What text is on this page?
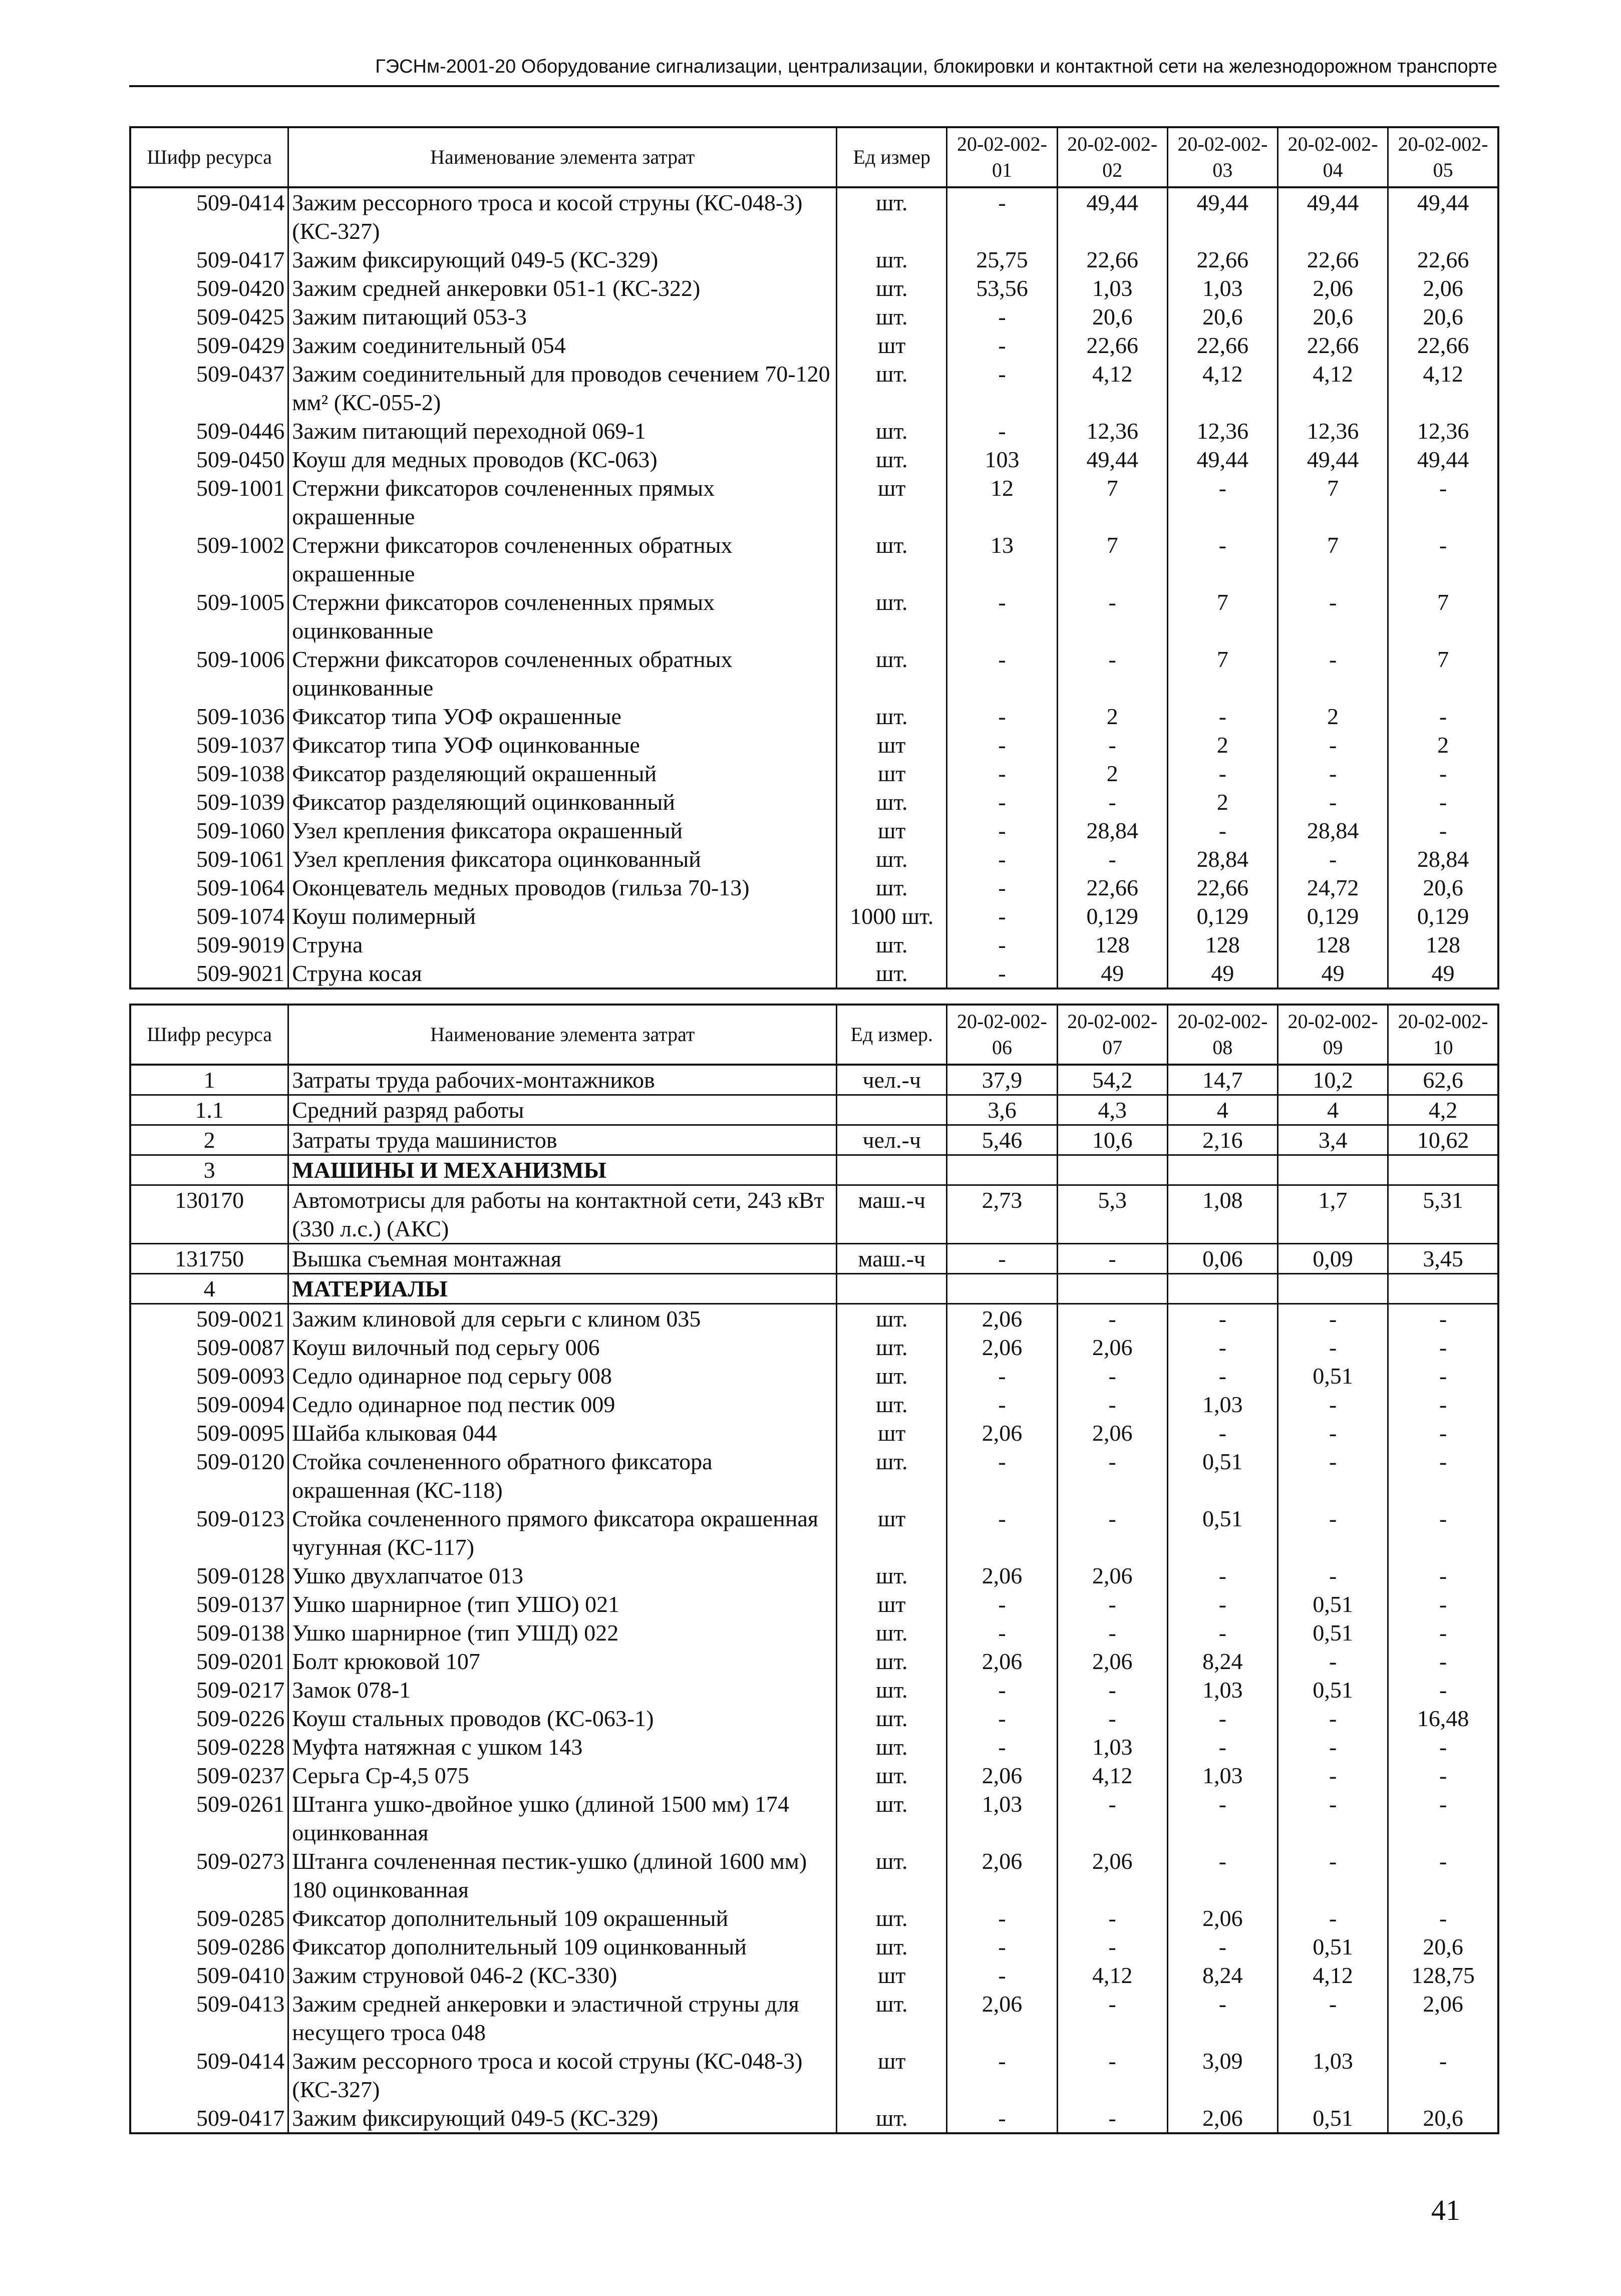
ГЭСНм-2001-20 Оборудование сигнализации, централизации, блокировки и контактной сети на железнодорожном транспорте
Шифр ресурса	Наименование элемента затрат	Ед измер	20-02-002-01	20-02-002-02	20-02-002-03	20-02-002-04	20-02-002-05
509-0414	Зажим рессорного троса и косой струны (КС-048-3) (КС-327)	шт.	-	49,44	49,44	49,44	49,44
509-0417	Зажим фиксирующий 049-5 (КС-329)	шт.	25,75	22,66	22,66	22,66	22,66
509-0420	Зажим средней анкеровки 051-1 (КС-322)	шт.	53,56	1,03	1,03	2,06	2,06
509-0425	Зажим питающий 053-3	шт.	-	20,6	20,6	20,6	20,6
509-0429	Зажим соединительный 054	шт	-	22,66	22,66	22,66	22,66
509-0437	Зажим соединительный для проводов сечением 70-120 мм² (КС-055-2)	шт.	-	4,12	4,12	4,12	4,12
509-0446	Зажим питающий переходной 069-1	шт.	-	12,36	12,36	12,36	12,36
509-0450	Коуш для медных проводов (КС-063)	шт.	103	49,44	49,44	49,44	49,44
509-1001	Стержни фиксаторов сочлененных прямых окрашенные	шт	12	7	-	7	-
509-1002	Стержни фиксаторов сочлененных обратных окрашенные	шт.	13	7	-	7	-
509-1005	Стержни фиксаторов сочлененных прямых оцинкованные	шт.	-	-	7	-	7
509-1006	Стержни фиксаторов сочлененных обратных оцинкованные	шт.	-	-	7	-	7
509-1036	Фиксатор типа УОФ окрашенные	шт.	-	2	-	2	-
509-1037	Фиксатор типа УОФ оцинкованные	шт	-	-	2	-	2
509-1038	Фиксатор разделяющий окрашенный	шт	-	2	-	-	-
509-1039	Фиксатор разделяющий оцинкованный	шт.	-	-	2	-	-
509-1060	Узел крепления фиксатора окрашенный	шт	-	28,84	-	28,84	-
509-1061	Узел крепления фиксатора оцинкованный	шт.	-	-	28,84	-	28,84
509-1064	Оконцеватель медных проводов (гильза 70-13)	шт.	-	22,66	22,66	24,72	20,6
509-1074	Коуш полимерный	1000 шт.	-	0,129	0,129	0,129	0,129
509-9019	Струна	шт.	-	128	128	128	128
509-9021	Струна косая	шт.	-	49	49	49	49
Шифр ресурса	Наименование элемента затрат	Ед измер.	20-02-002-06	20-02-002-07	20-02-002-08	20-02-002-09	20-02-002-10
1	Затраты труда рабочих-монтажников	чел.-ч	37,9	54,2	14,7	10,2	62,6
1.1	Средний разряд работы		3,6	4,3	4	4	4,2
2	Затраты труда машинистов	чел.-ч	5,46	10,6	2,16	3,4	10,62
3	МАШИНЫ И МЕХАНИЗМЫ						
130170	Автомотрисы для работы на контактной сети, 243 кВт (330 л.с.) (АКС)	маш.-ч	2,73	5,3	1,08	1,7	5,31
131750	Вышка съемная монтажная	маш.-ч	-	-	0,06	0,09	3,45
4	МАТЕРИАЛЫ						
509-0021	Зажим клиновой для серьги с клином 035	шт.	2,06	-	-	-	-
509-0087	Коуш вилочный под серьгу 006	шт.	2,06	2,06	-	-	-
509-0093	Седло одинарное под серьгу 008	шт.	-	-	-	0,51	-
509-0094	Седло одинарное под пестик 009	шт.	-	-	1,03	-	-
509-0095	Шайба клыковая 044	шт	2,06	2,06	-	-	-
509-0120	Стойка сочлененного обратного фиксатора окрашенная (КС-118)	шт.	-	-	0,51	-	-
509-0123	Стойка сочлененного прямого фиксатора окрашенная чугунная (КС-117)	шт	-	-	0,51	-	-
509-0128	Ушко двухлапчатое 013	шт.	2,06	2,06	-	-	-
509-0137	Ушко шарнирное (тип УШО) 021	шт	-	-	-	0,51	-
509-0138	Ушко шарнирное (тип УШД) 022	шт.	-	-	-	0,51	-
509-0201	Болт крюковой 107	шт.	2,06	2,06	8,24	-	-
509-0217	Замок 078-1	шт.	-	-	1,03	0,51	-
509-0226	Коуш стальных проводов (КС-063-1)	шт.	-	-	-	-	16,48
509-0228	Муфта натяжная с ушком 143	шт.	-	1,03	-	-	-
509-0237	Серьга Ср-4,5 075	шт.	2,06	4,12	1,03	-	-
509-0261	Штанга ушко-двойное ушко (длиной 1500 мм) 174 оцинкованная	шт.	1,03	-	-	-	-
509-0273	Штанга сочлененная пестик-ушко (длиной 1600 мм) 180 оцинкованная	шт.	2,06	2,06	-	-	-
509-0285	Фиксатор дополнительный 109 окрашенный	шт.	-	-	2,06	-	-
509-0286	Фиксатор дополнительный 109 оцинкованный	шт.	-	-	-	0,51	20,6
509-0410	Зажим струновой 046-2 (КС-330)	шт	-	4,12	8,24	4,12	128,75
509-0413	Зажим средней анкеровки и эластичной струны для несущего троса 048	шт.	2,06	-	-	-	2,06
509-0414	Зажим рессорного троса и косой струны (КС-048-3) (КС-327)	шт	-	-	3,09	1,03	-
509-0417	Зажим фиксирующий 049-5 (КС-329)	шт.	-	-	2,06	0,51	20,6
41
